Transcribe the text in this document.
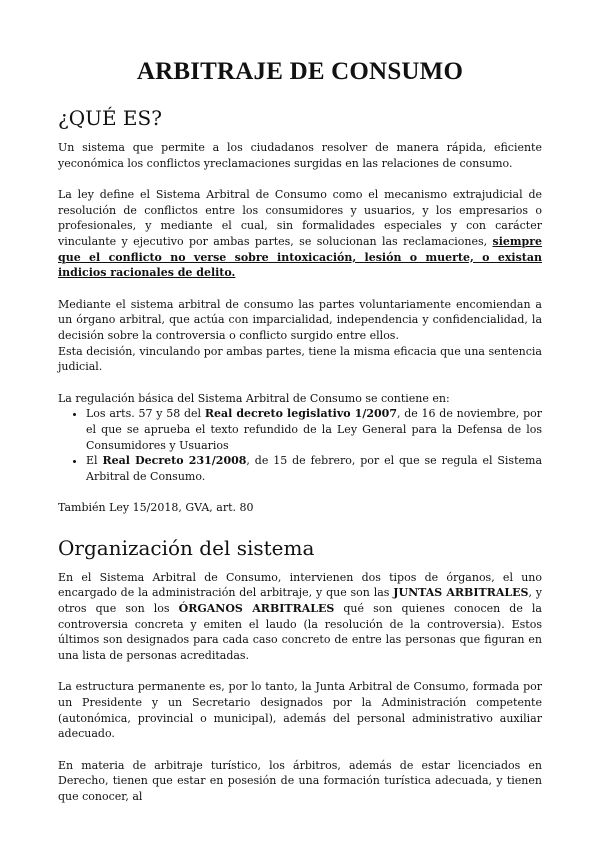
ARBITRAJE DE CONSUMO
¿QUÉ ES?

Un sistema que permite a los ciudadanos resolver de manera rápida, eficiente yeconómica los conflictos yreclamaciones surgidas en las relaciones de consumo.

La ley define el Sistema Arbitral de Consumo como el mecanismo extrajudicial de resolución de conflictos entre los consumidores y usuarios, y los empresarios o profesionales, y mediante el cual, sin formalidades especiales y con carácter vinculante y ejecutivo por ambas partes, se solucionan las reclamaciones, siempre que el conflicto no verse sobre intoxicación, lesión o muerte, o existan indicios racionales de delito.

Mediante el sistema arbitral de consumo las partes voluntariamente encomiendan a un órgano arbitral, que actúa con imparcialidad, independencia y confidencialidad, la decisión sobre la controversia o conflicto surgido entre ellos.

Esta decisión, vinculando por ambas partes, tiene la misma eficacia que una sentencia judicial.

La regulación básica del Sistema Arbitral de Consumo se contiene en:

• Los arts. 57 y 58 del Real decreto legislativo 1/2007, de 16 de noviembre, por el que se aprueba el texto refundido de la Ley General para la Defensa de los Consumidores y Usuarios
• El Real Decreto 231/2008, de 15 de febrero, por el que se regula el Sistema Arbitral de Consumo.

También Ley 15/2018, GVA, art. 80

Organización del sistema

En el Sistema Arbitral de Consumo, intervienen dos tipos de órganos, el uno encargado de la administración del arbitraje, y que son las JUNTAS ARBITRALES, y otros que son los ÓRGANOS ARBITRALES qué son quienes conocen de la controversia concreta y emiten el laudo (la resolución de la controversia). Estos últimos son designados para cada caso concreto de entre las personas que figuran en una lista de personas acreditadas.

La estructura permanente es, por lo tanto, la Junta Arbitral de Consumo, formada por un Presidente y un Secretario designados por la Administración competente (autonómica, provincial o municipal), además del personal administrativo auxiliar adecuado.

En materia de arbitraje turístico, los árbitros, además de estar licenciados en Derecho, tienen que estar en posesión de una formación turística adecuada, y tienen que conocer, al
